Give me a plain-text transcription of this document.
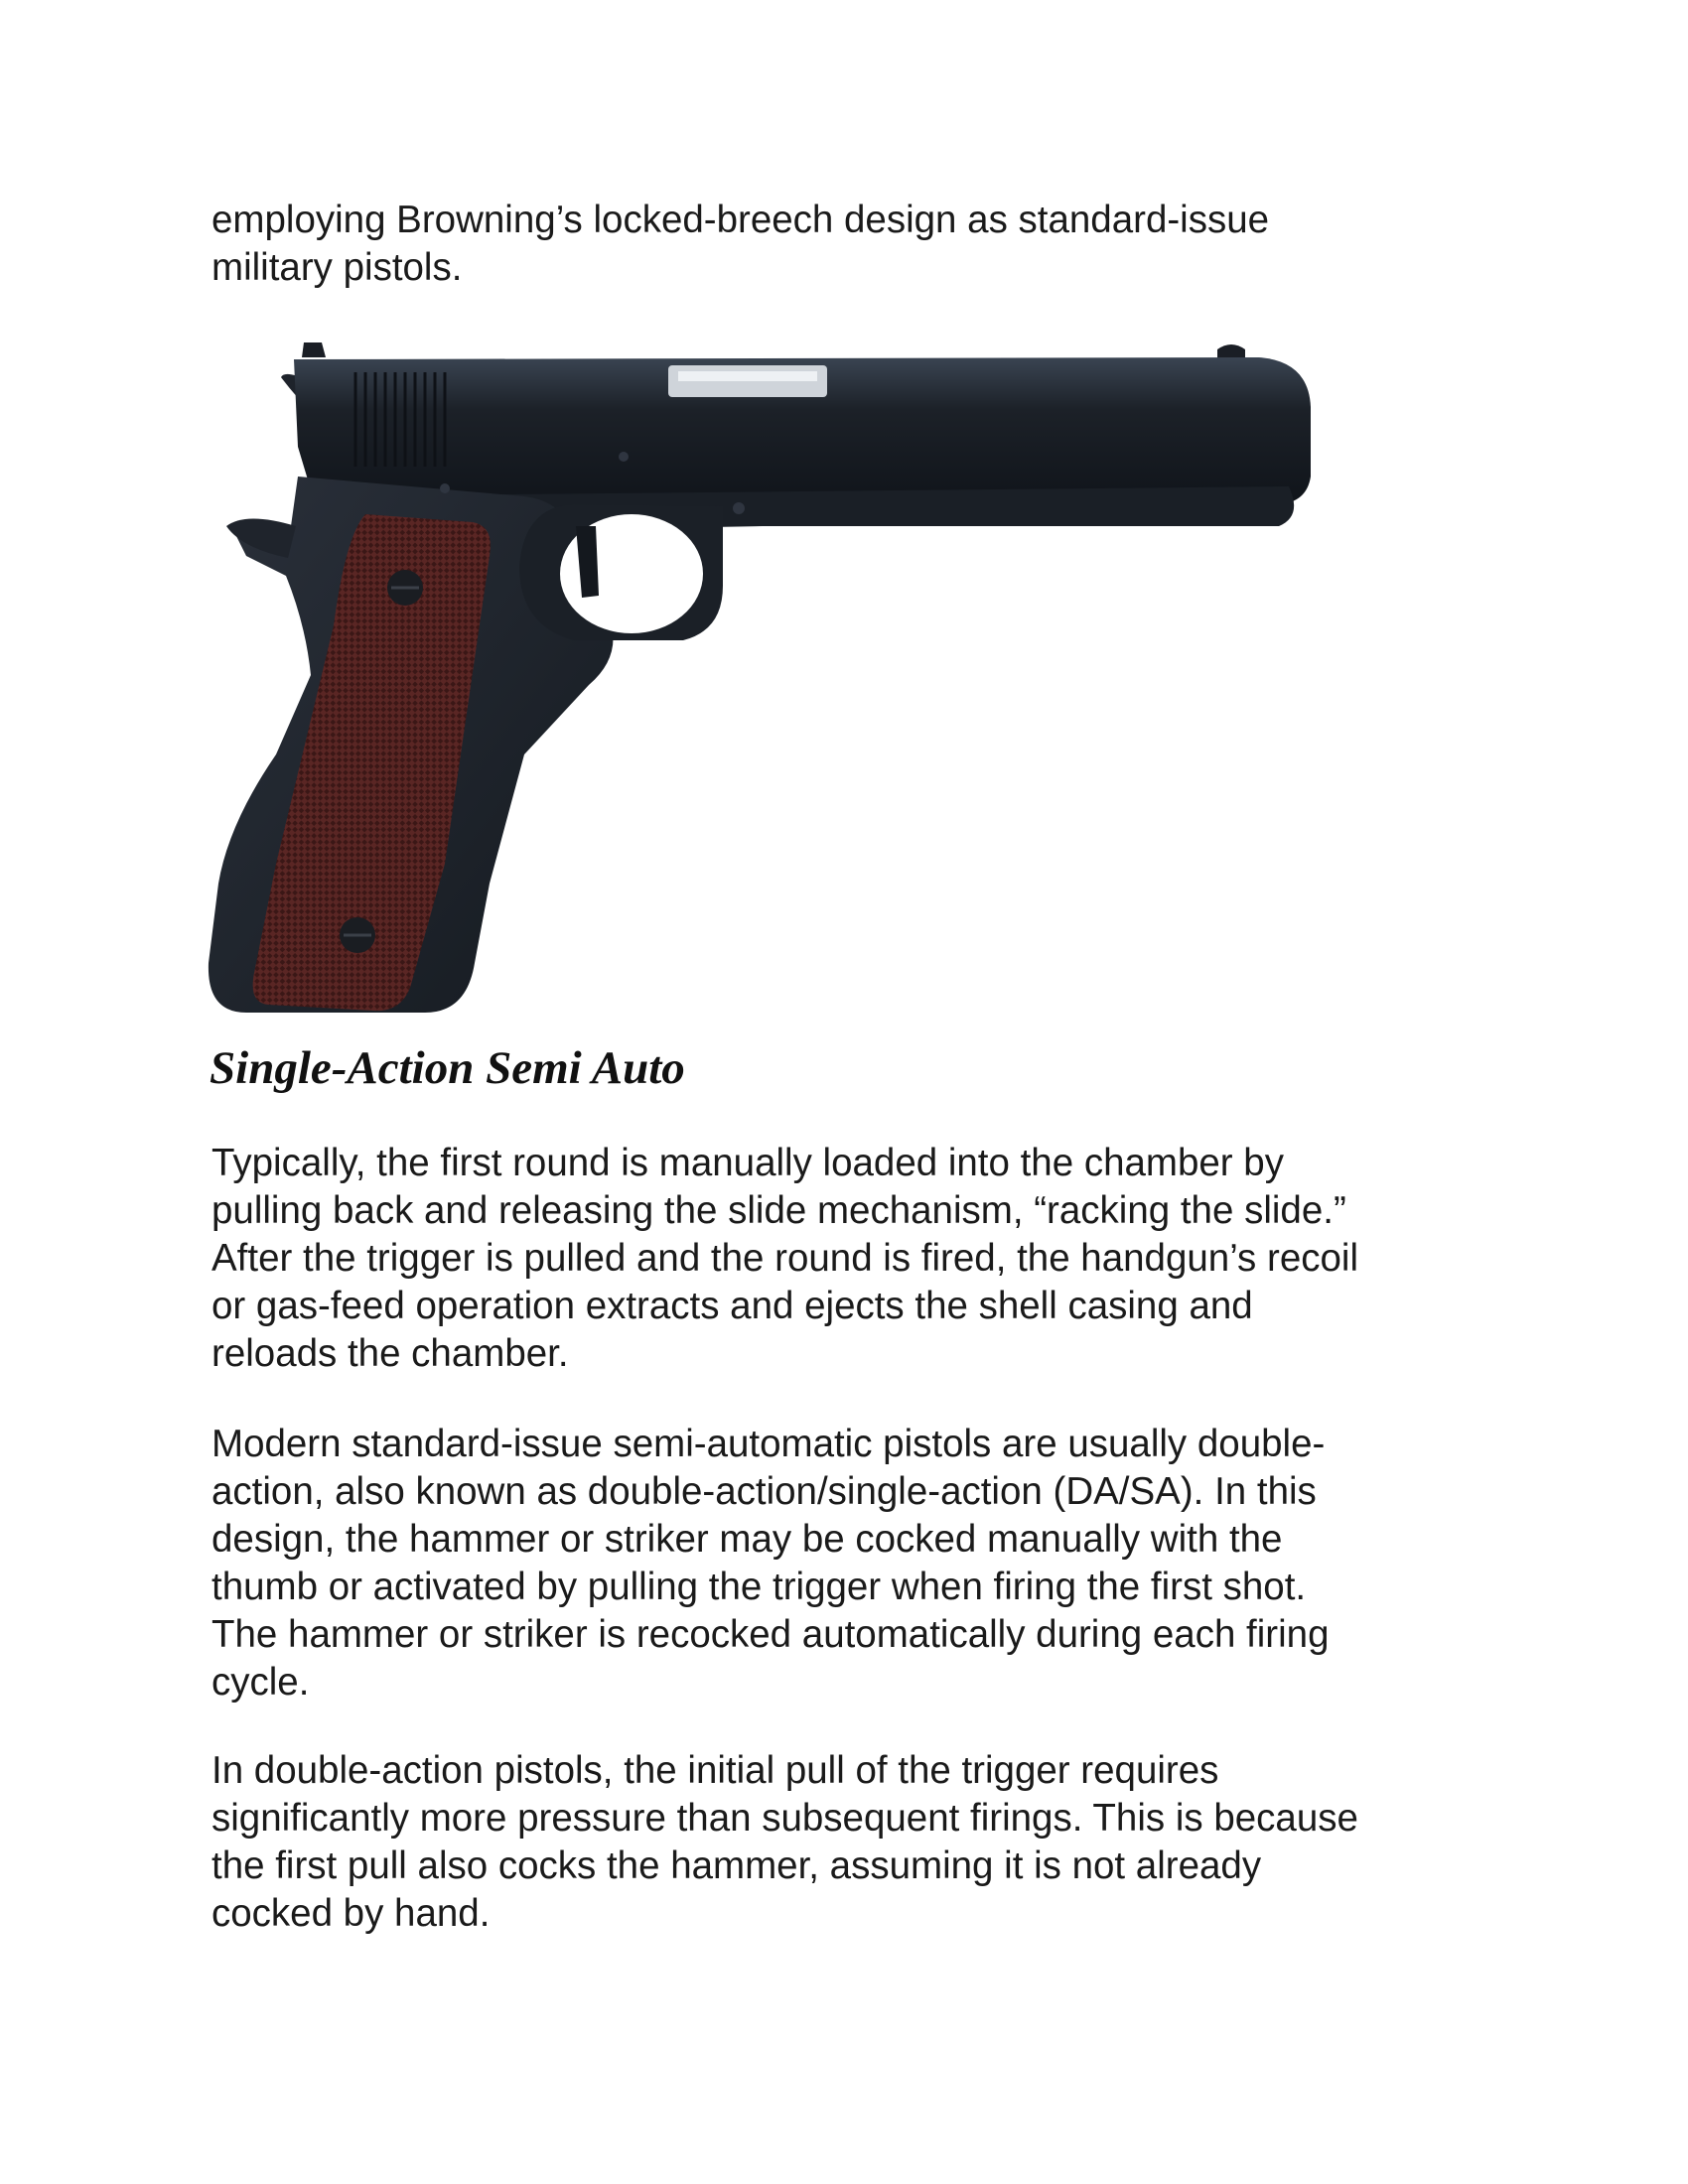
employing Browning’s locked-breech design as standard-issue
military pistols.

Single-Action Semi Auto

Typically, the first round is manually loaded into the chamber by
pulling back and releasing the slide mechanism, “racking the slide.”
After the trigger is pulled and the round is fired, the handgun’s recoil
or gas-feed operation extracts and ejects the shell casing and
reloads the chamber.

Modern standard-issue semi-automatic pistols are usually double-
action, also known as double-action/single-action (DA/SA). In this
design, the hammer or striker may be cocked manually with the
thumb or activated by pulling the trigger when firing the first shot.
The hammer or striker is recocked automatically during each firing
cycle.

In double-action pistols, the initial pull of the trigger requires
significantly more pressure than subsequent firings. This is because
the first pull also cocks the hammer, assuming it is not already
cocked by hand.
